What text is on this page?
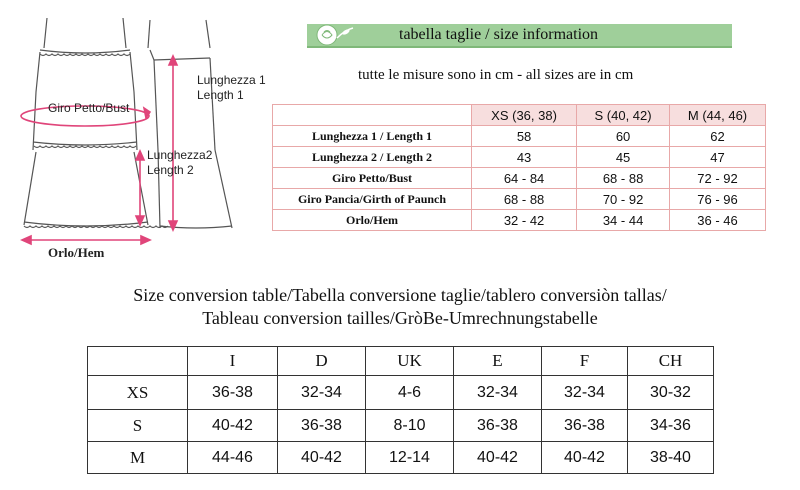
Lunghezza 1
Length 1
Giro Petto/Bust
Lunghezza2
Length 2
Orlo/Hem
tabella taglie / size information
tutte le misure sono in cm - all sizes are in cm
	XS (36, 38)	S (40, 42)	M (44, 46)
Lunghezza 1 / Length 1	58	60	62
Lunghezza 2 / Length 2	43	45	47
Giro Petto/Bust	64 - 84	68 - 88	72 - 92
Giro Pancia/Girth of Paunch	68 - 88	70 - 92	76 - 96
Orlo/Hem	32 - 42	34 - 44	36 - 46
Size conversion table/Tabella conversione taglie/tablero conversiòn tallas/
Tableau conversion tailles/GròBe-Umrechnungstabelle
	I	D	UK	E	F	CH
XS	36-38	32-34	4-6	32-34	32-34	30-32
S	40-42	36-38	8-10	36-38	36-38	34-36
M	44-46	40-42	12-14	40-42	40-42	38-40
